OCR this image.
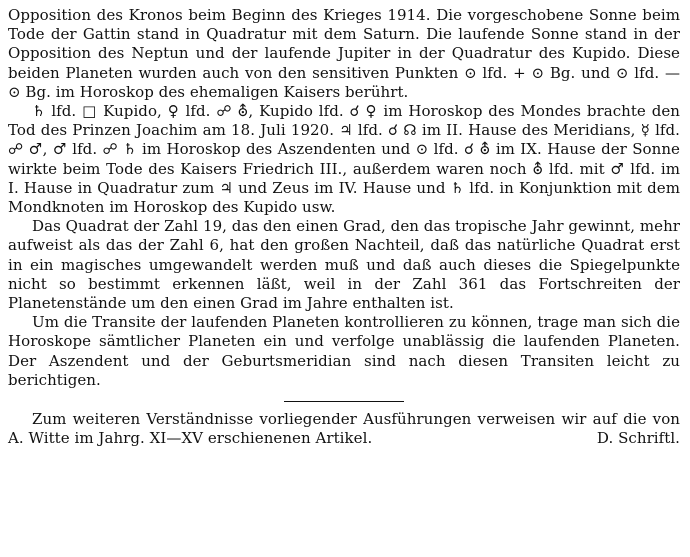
Opposition des Kronos beim Beginn des Krieges 1914. Die vorgeschobene Sonne beim Tode der Gattin stand in Quadratur mit dem Saturn. Die laufende Sonne stand in der Opposition des Neptun und der laufende Jupiter in der Quadratur des Kupido. Diese beiden Planeten wurden auch von den sensitiven Punkten ⊙ lfd. + ⊙ Bg. und ⊙ lfd. — ⊙ Bg. im Horoskop des ehemaligen Kaisers berührt.

♄ lfd. □ Kupido, ♀ lfd. ☍ ⛢, Kupido lfd. ☌ ♀ im Horoskop des Mondes brachte den Tod des Prinzen Joachim am 18. Juli 1920. ♃ lfd. ☌ ☊ im II. Hause des Meridians, ☿ lfd. ☍ ♂, ♂ lfd. ☍ ♄ im Horoskop des Aszendenten und ⊙ lfd. ☌ ⛢ im IX. Hause der Sonne wirkte beim Tode des Kaisers Friedrich III., außerdem waren noch ⛢ lfd. mit ♂ lfd. im I. Hause in Quadratur zum ♃ und Zeus im IV. Hause und ♄ lfd. in Konjunktion mit dem Mondknoten im Horoskop des Kupido usw.

Das Quadrat der Zahl 19, das den einen Grad, den das tropische Jahr gewinnt, mehr aufweist als das der Zahl 6, hat den großen Nachteil, daß das natürliche Quadrat erst in ein magisches umgewandelt werden muß und daß auch dieses die Spiegelpunkte nicht so bestimmt erkennen läßt, weil in der Zahl 361 das Fortschreiten der Planetenstände um den einen Grad im Jahre enthalten ist.

Um die Transite der laufenden Planeten kontrollieren zu können, trage man sich die Horoskope sämtlicher Planeten ein und verfolge unablässig die laufenden Planeten. Der Aszendent und der Geburtsmeridian sind nach diesen Transiten leicht zu berichtigen.

Zum weiteren Verständnisse vorliegender Ausführungen verweisen wir auf die von A. Witte im Jahrg. XI—XV erschienenen Artikel.	D. Schriftl.
